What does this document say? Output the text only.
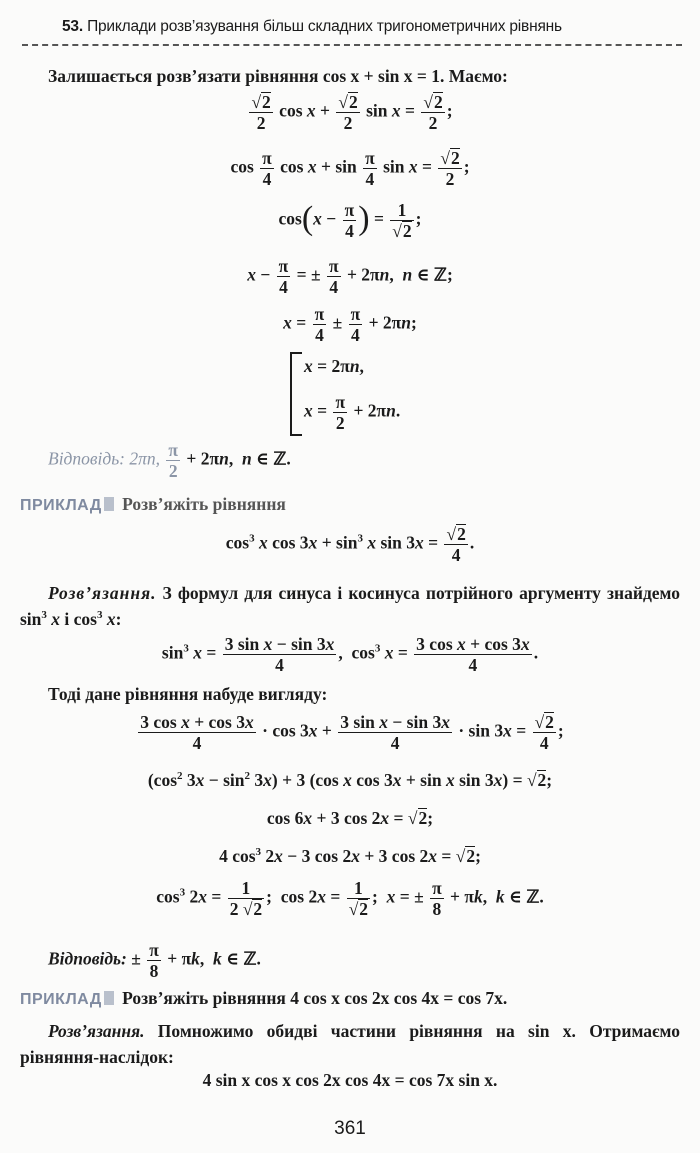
53. Приклади розв’язування більш складних тригонометричних рівнянь
Залишається розв’язати рівняння cos x + sin x = 1. Маємо:
$\frac{√2}{2}$ $\cos x + \frac{√2}{2}$ $\sin x = \frac{√2}{2}$ ;
$\cos \frac{\pi}{4}$ $\cos x + \sin \frac{\pi}{4}$ $\sin x = \frac{√2}{2}$ ;
$\cos(x - \frac{\pi}{4}$ ) = $\frac{1}{√2}$ ;
$x - \frac{\pi}{4}$ = ± $\frac{\pi}{4} + 2\pi n$,  n ∈ ℤ;
$x = \frac{\pi}{4} \pm \frac{\pi}{4} + 2\pi n$;
x = 2πn,
$x = \frac{\pi}{2} + 2\pi n$.
Відповідь: 2πn, $\frac{\pi}{2} + 2\pi n$,  n ∈ ℤ.
ПРИКЛАД Розв’яжіть рівняння
$\cos^3 x$ $\cos 3x + \sin^3 x$ $\sin 3x = \frac{√2}{4}$ .
Розв’язання. З формул для синуса і косинуса потрійного аргументу знайдемо $\sin^3 x$ і $\cos^3 x$:
$\sin^3 x = \frac{\text{3 sin x − sin 3x}}{4}$ ,  $\cos^3 x = \frac{\text{3 cos x + cos 3x}}{4}$ .
Тоді дане рівняння набуде вигляду:
$\frac{\text{3 cos x + cos 3x}}{4} \cdot \cos 3x + \frac{\text{3 sin x − sin 3x}}{4} \cdot \sin 3x = \frac{√2}{4}$ ;
($\cos^2$ $3x - \sin^2 3x) + 3$ (cos x cos 3x + sin x sin 3x) = √2;
cos 6x + 3 cos 2x = √2;
4 $\cos^3 2x - 3$ cos 2x + 3 cos 2x = √2;
$\cos^3 2x = \frac{1}{2 √2}$ ;  $\cos 2x = \frac{1}{√2}$ ;  x = ± $\frac{\pi}{8} + \pi k$,  k ∈ ℤ.
Відповідь: ± $\frac{\pi}{8} + \pi k$,  k ∈ ℤ.
ПРИКЛАД Розв’яжіть рівняння 4 cos x cos 2x cos 4x = cos 7x.
Розв’язання. Помножимо обидві частини рівняння на sin x. Отримаємо рівняння-наслідок:
4 sin x cos x cos 2x cos 4x = cos 7x sin x.
361
